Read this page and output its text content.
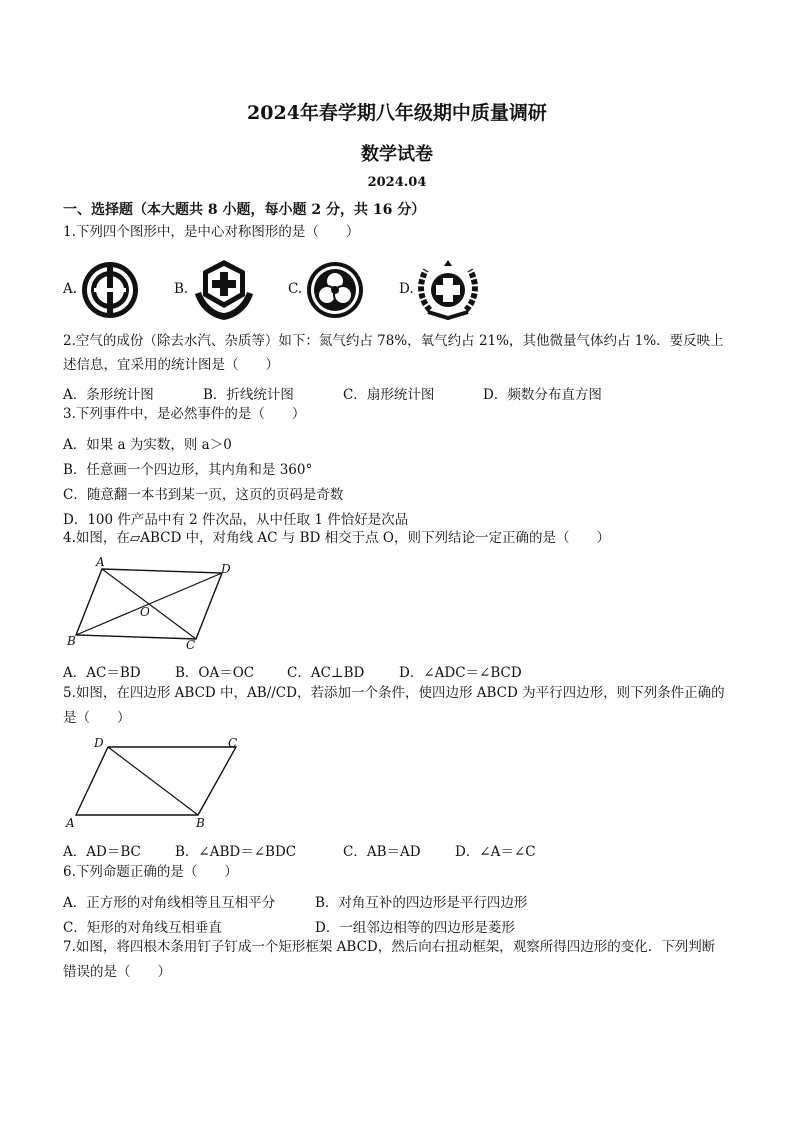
2024年春学期八年级期中质量调研
数学试卷
2024.04
一、选择题（本大题共 8 小题，每小题 2 分，共 16 分）
1.下列四个图形中，是中心对称图形的是（　　）
A.	B.	C.	D.
2.空气的成份（除去水汽、杂质等）如下：氮气约占 78%，氧气约占 21%，其他微量气体约占 1%．要反映上
述信息，宜采用的统计图是（　　）
A．条形统计图	B．折线统计图	C．扇形统计图	D．频数分布直方图
3.下列事件中，是必然事件的是（　　）
A．如果 a 为实数，则 a＞0
B．任意画一个四边形，其内角和是 360°
C．随意翻一本书到某一页，这页的页码是奇数
D．100 件产品中有 2 件次品，从中任取 1 件恰好是次品
4.如图，在▱ABCD 中，对角线 AC 与 BD 相交于点 O，则下列结论一定正确的是（　　）
A	D
O
B	C
A．AC＝BD	B．OA＝OC C．AC⊥BD	D．∠ADC＝∠BCD
5.如图，在四边形 ABCD 中，AB//CD，若添加一个条件，使四边形 ABCD 为平行四边形，则下列条件正确的
是（　　）
D	C
A	B
A．AD＝BC	B．∠ABD＝∠BDC	C．AB＝AD	D．∠A＝∠C
6.下列命题正确的是（　　）
A．正方形的对角线相等且互相平分	B．对角互补的四边形是平行四边形
C．矩形的对角线互相垂直	D．一组邻边相等的四边形是菱形
7.如图，将四根木条用钉子钉成一个矩形框架 ABCD，然后向右扭动框架，观察所得四边形的变化．下列判断
错误的是（　　）
